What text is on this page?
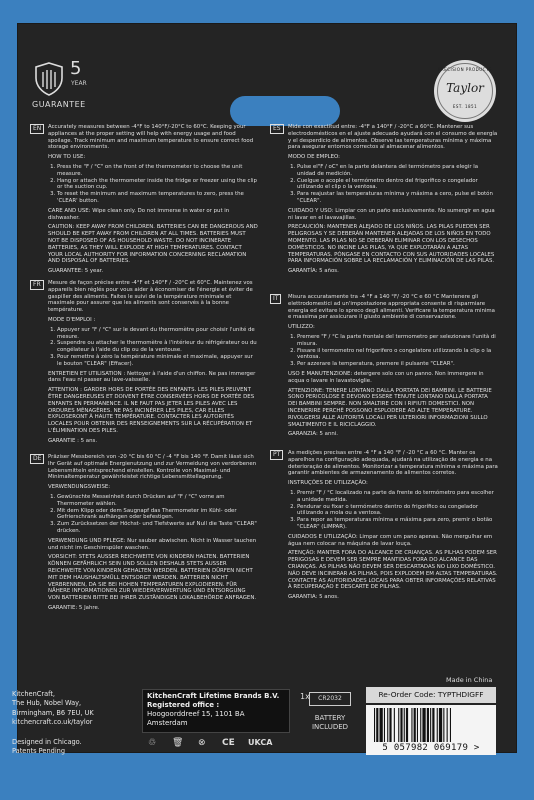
5
YEAR
GUARANTEE
PRECISION PRODUCTS
Taylor
EST. 1851
EN	Accurately measures between -4°F to 140°F/-20°C to 60°C. Keeping your appliances at the proper setting will help with energy usage and food spoilage. Track minimum and maximum temperature to ensure correct food storage environments.

HOW TO USE:

1. Press the "F / °C" on the front of the thermometer to choose the unit measure.
2. Hang or attach the thermometer inside the fridge or freezer using the clip or the suction cup.
3. To reset the minimum and maximum temperatures to zero, press the 'CLEAR' button.

CARE AND USE: Wipe clean only. Do not immerse in water or put in dishwasher.

CAUTION: KEEP AWAY FROM CHILDREN. BATTERIES CAN BE DANGEROUS AND SHOULD BE KEPT AWAY FROM CHILDREN AT ALL TIMES. BATTERIES MUST NOT BE DISPOSED OF AS HOUSEHOLD WASTE. DO NOT INCINERATE BATTERIES, AS THEY WILL EXPLODE AT HIGH TEMPERATURES. CONTACT YOUR LOCAL AUTHORITY FOR INFORMATION CONCERNING RECLAMATION AND DISPOSAL OF BATTERIES.

GUARANTEE: 5 year.

ES	Mide con exactitud entre: -4°F a 140°F / -20°C a 60°C. Mantener sus electrodomésticos en el ajuste adecuado ayudará con el consumo de energía y el desperdicio de alimentos. Observe las temperaturas mínima y máxima para asegurar entornos correctos al almacenar alimentos.

MODO DE EMPLEO:

1. Pulse el"F / oC" en la parte delantera del termómetro para elegir la unidad de medición.
2. Cuelgue o acople el termómetro dentro del frigorífico o congelador utilizando el clip o la ventosa.
3. Para reajustar las temperaturas mínima y máxima a cero, pulse el botón "CLEAR".

CUIDADO Y USO: Limpiar con un paño exclusivamente. No sumergir en agua ni lavar en el lavavajillas.

PRECAUCIÓN: MANTENER ALEJADO DE LOS NIÑOS. LAS PILAS PUEDEN SER PELIGROSAS Y SE DEBERÁN MANTENER ALEJADAS DE LOS NIÑOS EN TODO MOMENTO. LAS PILAS NO SE DEBERÁN ELIMINAR CON LOS DESECHOS DOMÉSTICOS. NO INCINE LAS PILAS, YA QUE EXPLOTARÁN A ALTAS TEMPERATURAS. PÓNGASE EN CONTACTO CON SUS AUTORIDADES LOCALES PARA INFORMACIÓN SOBRE LA RECLAMACIÓN Y ELIMINACIÓN DE LAS PILAS.

GARANTÍA: 5 años.

FR	Mesure de façon précise entre -4°F et 140°F / -20°C et 60°C. Maintenez vos appareils bien réglés pour vous aider à économiser de l'énergie et éviter de gaspiller des aliments. Faites le suivi de la température minimale et maximale pour assurer que les aliments sont conservés à la bonne température.

MODE D'EMPLOI :

1. Appuyer sur "F / °C" sur le devant du thermomètre pour choisir l'unité de mesure.
2. Suspendre ou attacher le thermomètre à l'intérieur du réfrigérateur ou du congélateur à l'aide du clip ou de la ventouse.
3. Pour remettre à zéro la température minimale et maximale, appuyer sur le bouton "CLEAR" (Effacer).

ENTRETIEN ET UTILISATION : Nettoyer à l'aide d'un chiffon. Ne pas immerger dans l'eau ni passer au lave-vaisselle.

ATTENTION : GARDER HORS DE PORTÉE DES ENFANTS. LES PILES PEUVENT ÊTRE DANGEREUSES ET DOIVENT ÊTRE CONSERVÉES HORS DE PORTÉE DES ENFANTS EN PERMANENCE. IL NE FAUT PAS JETER LES PILES AVEC LES ORDURES MÉNAGÈRES. NE PAS INCINÉRER LES PILES, CAR ELLES EXPLOSERONT À HAUTE TEMPÉRATURE. CONTACTER LES AUTORITÉS LOCALES POUR OBTENIR DES RENSEIGNEMENTS SUR LA RÉCUPÉRATION ET L'ÉLIMINATION DES PILES.

GARANTIE : 5 ans.

IT	Misura accuratamente tra -4 °F a 140 °F/ -20 °C e 60 °C Mantenere gli elettrodomestici ad un'impostazione appropriata consente di risparmiare energia ed evitare lo spreco degli alimenti. Verificare la temperatura minima e massima per assicurare il giusto ambiente di conservazione.

UTILIZZO:

1. Premere "F / °C la parte frontale del termometro per selezionare l'unità di misura.
2. Fissare il termometro nel frigorifero o congelatore utilizzando la clip o la ventosa.
3. Per azzerare la temperatura, premere il pulsante "CLEAR".

USO E MANUTENZIONE: detergere solo con un panno. Non immergere in acqua o lavare in lavastoviglie.

ATTENZIONE: TENERE LONTANO DALLA PORTATA DEI BAMBINI. LE BATTERIE SONO PERICOLOSE E DEVONO ESSERE TENUTE LONTANO DALLA PORTATA DEI BAMBINI SEMPRE. NON SMALTIRE CON I RIFIUTI DOMESTICI. NON INCENERIRE PERCHÈ POSSONO ESPLODERE AD ALTE TEMPERATURE. RIVOLGERSI ALLE AUTORITÀ LOCALI PER ULTERIORI INFORMAZIONI SULLO SMALTIMENTO E IL RICICLAGGIO.

GARANZIA: 5 anni.

DE	Präziser Messbereich von -20 °C bis 60 °C / -4 °F bis 140 °F. Damit lässt sich Ihr Gerät auf optimale Energienutzung und zur Vermeidung von verdorbenen Lebensmitteln entsprechend einstellen. Kontrolle von Maximal- und Minimaltemperatur gewährleistet richtige Lebensmittellagerung.

VERWENDUNGSWEISE:

1. Gewünschte Messeinheit durch Drücken auf "F / °C" vorne am Thermometer wählen.
2. Mit dem Klipp oder dem Saugnapf das Thermometer im Kühl- oder Gefrierschrank aufhängen oder befestigen.
3. Zum Zurücksetzen der Höchst- und Tiefstwerte auf Null die Taste "CLEAR" drücken.

VERWENDUNG UND PFLEGE: Nur sauber abwischen. Nicht in Wasser tauchen und nicht im Geschirrspüler waschen.

VORSICHT: STETS AUSSER REICHWEITE VON KINDERN HALTEN. BATTERIEN KÖNNEN GEFÄHRLICH SEIN UND SOLLEN DESHALB STETS AUSSER REICHWEITE VON KINDERN GEHALTEN WERDEN. BATTERIEN DÜRFEN NICHT MIT DEM HAUSHALTSMÜLL ENTSORGT WERDEN. BATTERIEN NICHT VERBRENNEN, DA SIE BEI HOHEN TEMPERATUREN EXPLODIEREN. FÜR NÄHERE INFORMATIONEN ZUR WIEDERVERWERTUNG UND ENTSORGUNG VON BATTERIEN BITTE BEI IHRER ZUSTÄNDIGEN LOKALBEHÖRDE ANFRAGEN.

GARANTIE: 5 Jahre.

PT	As medições precisas entre -4 °F a 140 °F / -20 °C a 60 °C. Manter os aparelhos na configuração adequada, ajudará na utilização de energia e na deterioração de alimentos. Monitorizar a temperatura mínima e máxima para garantir ambientes de armazenamento de alimentos corretos.

INSTRUÇÕES DE UTILIZAÇÃO:

1. Premir "F / °C localizado na parte da frente do termómetro para escolher a unidade medida.
2. Pendurar ou fixar o termómetro dentro do frigorífico ou congelador utilizando a mola ou a ventosa.
3. Para repor as temperaturas mínima e máxima para zero, premir o botão "CLEAR" (LIMPAR).

CUIDADOS E UTILIZAÇÃO: Limpar com um pano apenas. Não mergulhar em água nem colocar na máquina de lavar louça.

ATENÇÃO: MANTER FORA DO ALCANCE DE CRIANÇAS. AS PILHAS PODEM SER PERIGOSAS E DEVEM SER SEMPRE MANTIDAS FORA DO ALCANCE DAS CRIANÇAS. AS PILHAS NÃO DEVEM SER DESCARTADAS NO LIXO DOMÉSTICO. NÃO DEVE INCINERAR AS PILHAS, POIS EXPLODEM EM ALTAS TEMPERATURAS. CONTACTE AS AUTORIDADES LOCAIS PARA OBTER INFORMAÇÕES RELATIVAS À RECUPERAÇÃO E DESCARTE DE PILHAS.

GARANTIA: 5 anos.

Made in China
KitchenCraft,
The Hub, Nobel Way,
Birmingham, B6 7EU, UK
kitchencraft.co.uk/taylor
Designed in Chicago.
Patents Pending
KitchenCraft Lifetime Brands B.V.
Registered office :
Hoogoorddreef 15, 1101 BA
Amsterdam
♲ 🗑 ⊗ CE UKCA
1x	CR2032
BATTERY
INCLUDED
Re-Order Code: TYPTHDIGFF
5 057982 069179 >
